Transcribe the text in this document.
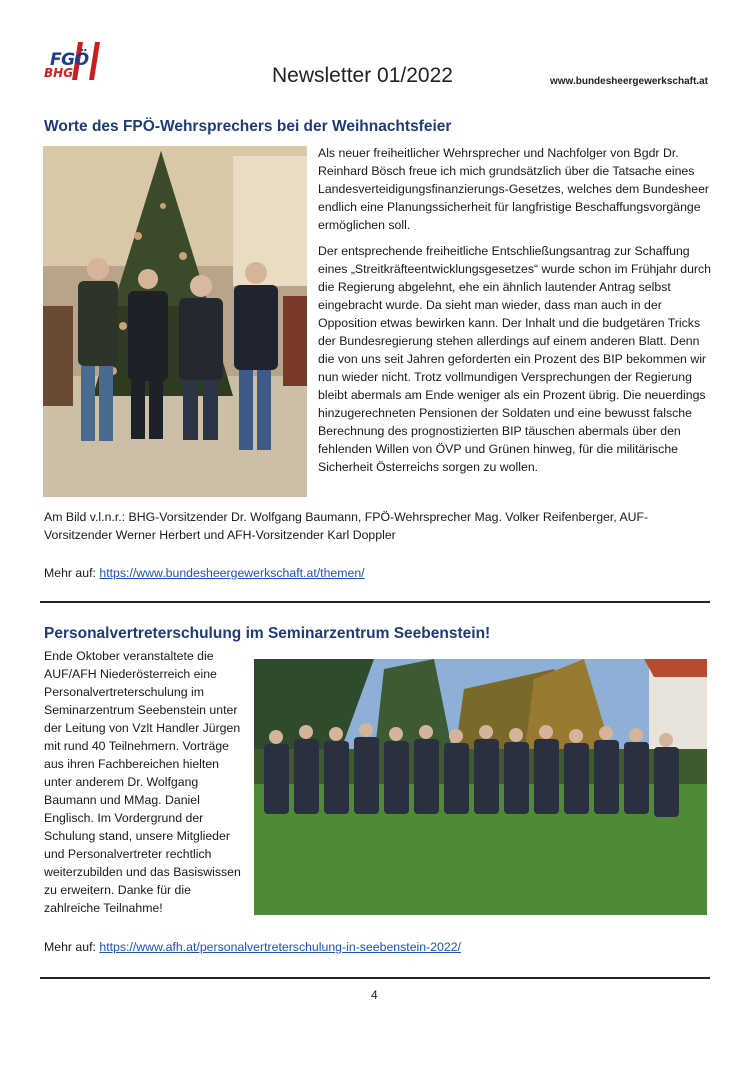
FGÖ
BHG	Newsletter 01/2022	www.bundesheergewerkschaft.at
Worte des FPÖ-Wehrsprechers bei der Weihnachtsfeier

Als neuer freiheitlicher Wehrsprecher und Nachfolger von Bgdr Dr. Reinhard Bösch freue ich mich grundsätzlich über die Tatsache eines Landesverteidigungsfinanzierungs-Gesetzes, welches dem Bundesheer endlich eine Planungssicherheit für langfristige Beschaffungsvorgänge ermöglichen soll.

Der entsprechende freiheitliche Entschließungsantrag zur Schaffung eines „Streitkräfteentwicklungsgesetzes“ wurde schon im Frühjahr durch die Regierung abgelehnt, ehe ein ähnlich lautender Antrag selbst eingebracht wurde. Da sieht man wieder, dass man auch in der Opposition etwas bewirken kann. Der Inhalt und die budgetären Tricks der Bundesregierung stehen allerdings auf einem anderen Blatt. Denn die von uns seit Jahren geforderten ein Prozent des BIP bekommen wir nun wieder nicht. Trotz vollmundigen Versprechungen der Regierung bleibt abermals am Ende weniger als ein Prozent übrig. Die neuerdings hinzugerechneten Pensionen der Soldaten und eine bewusst falsche Berechnung des prognostizierten BIP täuschen abermals über den fehlenden Willen von ÖVP und Grünen hinweg, für die militärische Sicherheit Österreichs sorgen zu wollen.

Am Bild v.l.n.r.: BHG-Vorsitzender Dr. Wolfgang Baumann, FPÖ-Wehrsprecher Mag. Volker Reifenberger, AUF-Vorsitzender Werner Herbert und AFH-Vorsitzender Karl Doppler
Mehr auf: https://www.bundesheergewerkschaft.at/themen/
Personalvertreterschulung im Seminarzentrum Seebenstein!
Ende Oktober veranstaltete die AUF/AFH Niederösterreich eine Personalvertreterschulung im Seminarzentrum Seebenstein unter der Leitung von Vzlt Handler Jürgen mit rund 40 Teilnehmern. Vorträge aus ihren Fachbereichen hielten unter anderem Dr. Wolfgang Baumann und MMag. Daniel Englisch. Im Vordergrund der Schulung stand, unsere Mitglieder und Personalvertreter rechtlich weiterzubilden und das Basiswissen zu erweitern. Danke für die zahlreiche Teilnahme!
Mehr auf: https://www.afh.at/personalvertreterschulung-in-seebenstein-2022/
4
